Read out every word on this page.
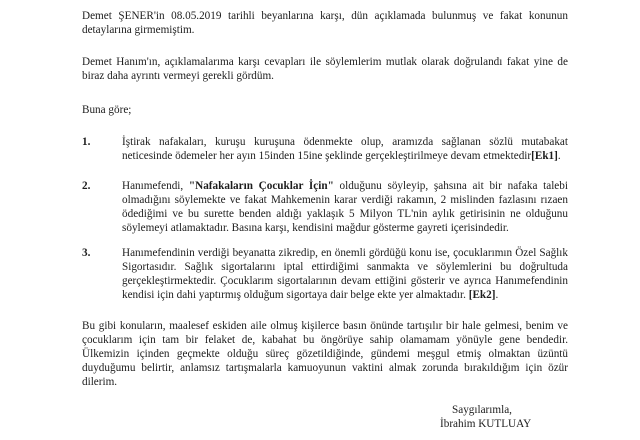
Demet ŞENER'in 08.05.2019 tarihli beyanlarına karşı, dün açıklamada bulunmuş ve fakat konunun detaylarına girmemiştim.

Demet Hanım'ın, açıklamalarıma karşı cevapları ile söylemlerim mutlak olarak doğrulandı fakat yine de biraz daha ayrıntı vermeyi gerekli gördüm.

Buna göre;

1.	İştirak nafakaları, kuruşu kuruşuna ödenmekte olup, aramızda sağlanan sözlü mutabakat neticesinde ödemeler her ayın 15inden 15ine şeklinde gerçekleştirilmeye devam etmektedir[Ek1].

2.	Hanımefendi, "Nafakaların Çocuklar İçin" olduğunu söyleyip, şahsına ait bir nafaka talebi olmadığını söylemekte ve fakat Mahkemenin karar verdiği rakamın, 2 mislinden fazlasını rızaen ödediğimi ve bu surette benden aldığı yaklaşık 5 Milyon TL'nin aylık getirisinin ne olduğunu söylemeyi atlamaktadır. Basına karşı, kendisini mağdur gösterme gayreti içerisindedir.

3.	Hanımefendinin verdiği beyanatta zikredip, en önemli gördüğü konu ise, çocuklarımın Özel Sağlık Sigortasıdır. Sağlık sigortalarını iptal ettirdiğimi sanmakta ve söylemlerini bu doğrultuda gerçekleştirmektedir. Çocuklarım sigortalarının devam ettiğini gösterir ve ayrıca Hanımefendinin kendisi için dahi yaptırmış olduğum sigortaya dair belge ekte yer almaktadır. [Ek2].

Bu gibi konuların, maalesef eskiden aile olmuş kişilerce basın önünde tartışılır bir hale gelmesi, benim ve çocuklarım için tam bir felaket de, kabahat bu öngörüye sahip olamamam yönüyle gene bendedir. Ülkemizin içinden geçmekte olduğu süreç gözetildiğinde, gündemi meşgul etmiş olmaktan üzüntü duyduğumu belirtir, anlamsız tartışmalarla kamuoyunun vaktini almak zorunda bırakıldığım için özür dilerim.

Saygılarımla,

İbrahim KUTLUAY
